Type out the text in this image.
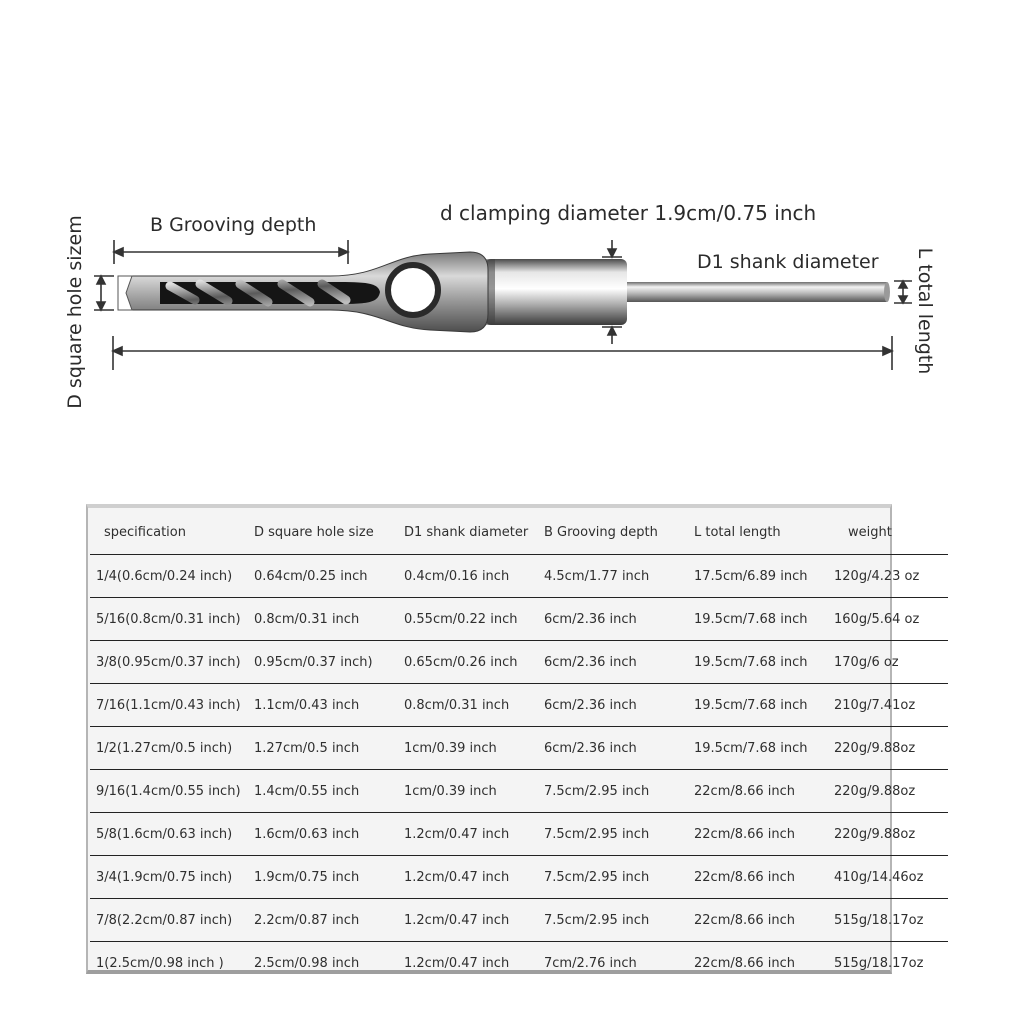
B Grooving depth	d clamping diameter 1.9cm/0.75 inch
D1 shank diameter
D square hole sizem	L total length
specification	D square hole size	D1 shank diameter	B Grooving depth	L total length	weight
1/4(0.6cm/0.24 inch)	0.64cm/0.25 inch	0.4cm/0.16 inch	4.5cm/1.77 inch	17.5cm/6.89 inch	120g/4.23 oz
5/16(0.8cm/0.31 inch)	0.8cm/0.31 inch	0.55cm/0.22 inch	6cm/2.36 inch	19.5cm/7.68 inch	160g/5.64 oz
3/8(0.95cm/0.37 inch)	0.95cm/0.37 inch)	0.65cm/0.26 inch	6cm/2.36 inch	19.5cm/7.68 inch	170g/6 oz
7/16(1.1cm/0.43 inch)	1.1cm/0.43 inch	0.8cm/0.31 inch	6cm/2.36 inch	19.5cm/7.68 inch	210g/7.41oz
1/2(1.27cm/0.5 inch)	1.27cm/0.5 inch	1cm/0.39 inch	6cm/2.36 inch	19.5cm/7.68 inch	220g/9.88oz
9/16(1.4cm/0.55 inch)	1.4cm/0.55 inch	1cm/0.39 inch	7.5cm/2.95 inch	22cm/8.66 inch	220g/9.88oz
5/8(1.6cm/0.63 inch)	1.6cm/0.63 inch	1.2cm/0.47 inch	7.5cm/2.95 inch	22cm/8.66 inch	220g/9.88oz
3/4(1.9cm/0.75 inch)	1.9cm/0.75 inch	1.2cm/0.47 inch	7.5cm/2.95 inch	22cm/8.66 inch	410g/14.46oz
7/8(2.2cm/0.87 inch)	2.2cm/0.87 inch	1.2cm/0.47 inch	7.5cm/2.95 inch	22cm/8.66 inch	515g/18.17oz
1(2.5cm/0.98 inch )	2.5cm/0.98 inch	1.2cm/0.47 inch	7cm/2.76 inch	22cm/8.66 inch	515g/18.17oz
